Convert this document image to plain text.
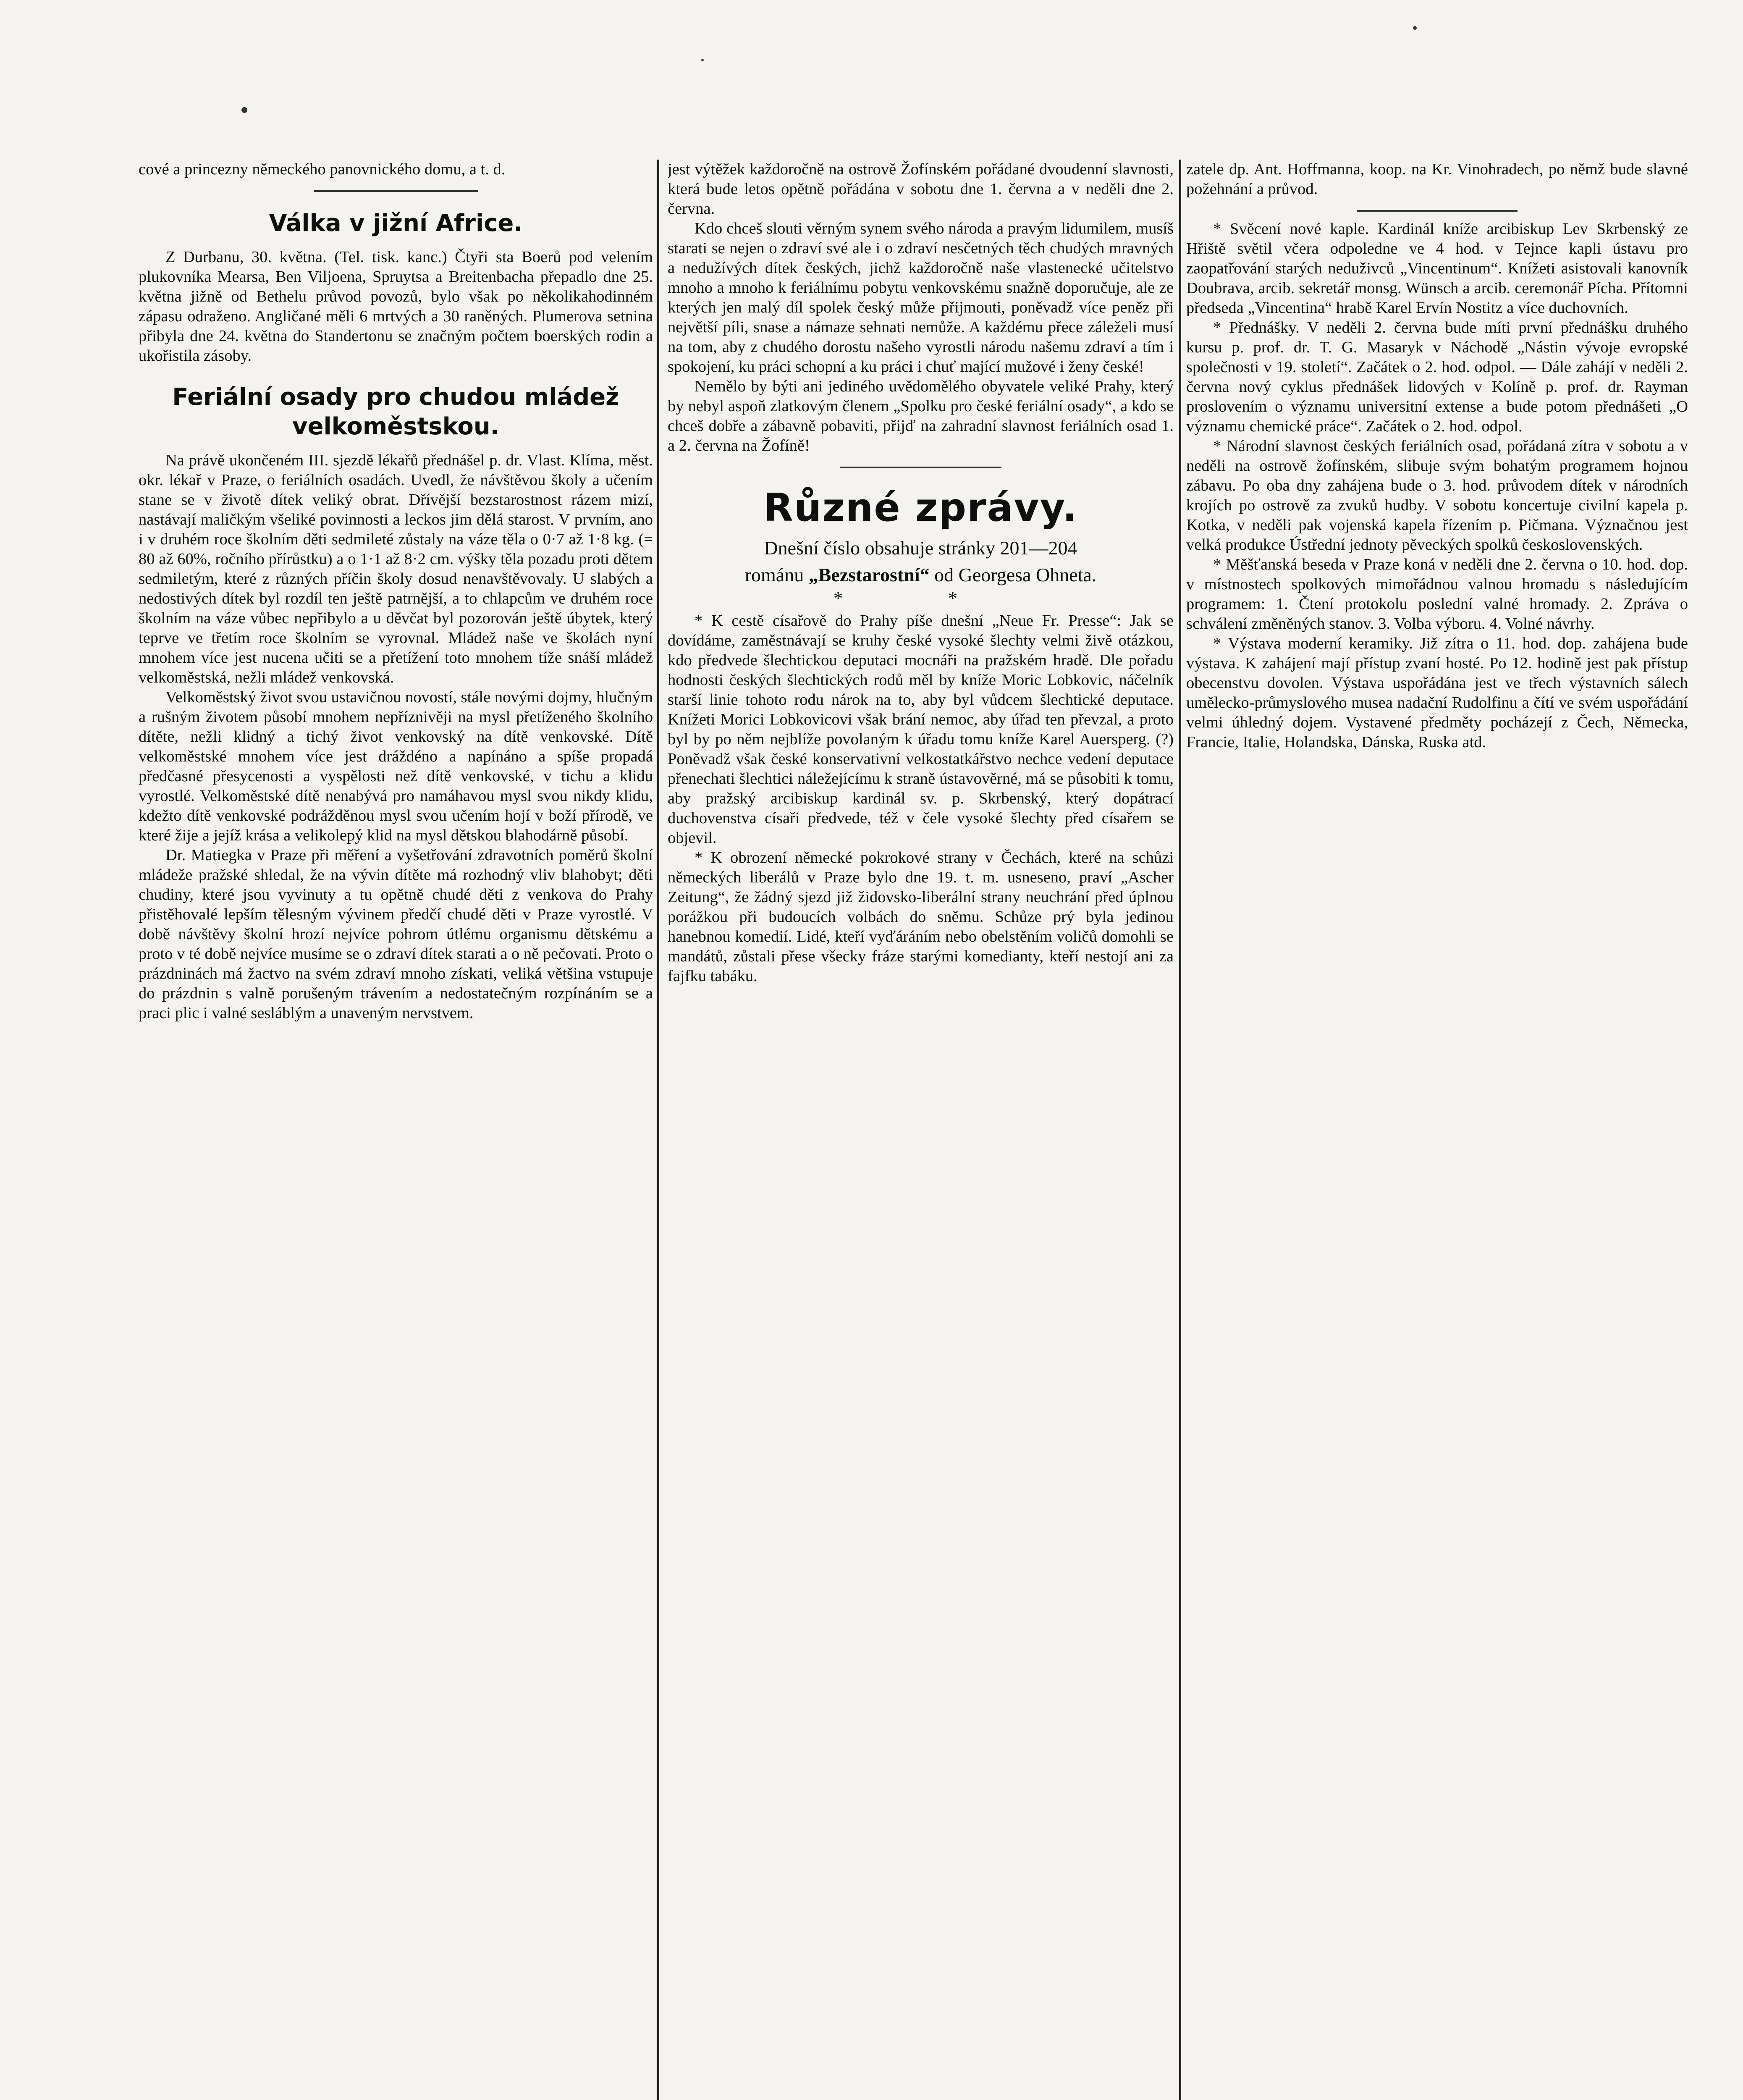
cové a princezny německého panovnického domu, a t. d.

Válka v jižní Africe.

Z Durbanu, 30. května. (Tel. tisk. kanc.) Čtyři sta Boerů pod velením plukovníka Mearsa, Ben Viljoena, Spruytsa a Breitenbacha přepadlo dne 25. května jižně od Bethelu průvod povozů, bylo však po několikahodinném zápasu odraženo. Angličané měli 6 mrtvých a 30 raněných. Plumerova setnina přibyla dne 24. května do Standertonu se značným počtem boerských rodin a ukořistila zásoby.

Feriální osady pro chudou mládež velkoměstskou.

Na právě ukončeném III. sjezdě lékařů přednášel p. dr. Vlast. Klíma, měst. okr. lékař v Praze, o feriálních osadách. Uvedl, že návštěvou školy a učením stane se v životě dítek veliký obrat. Dřívější bezstarostnost rázem mizí, nastávají maličkým všeliké povinnosti a leckos jim dělá starost. V prvním, ano i v druhém roce školním děti sedmileté zůstaly na váze těla o 0·7 až 1·8 kg. (= 80 až 60%, ročního přírůstku) a o 1·1 až 8·2 cm. výšky těla pozadu proti dětem sedmiletým, které z různých příčin školy dosud nenavštěvovaly. U slabých a nedostivých dítek byl rozdíl ten ještě patrnější, a to chlapcům ve druhém roce školním na váze vůbec nepřibylo a u děvčat byl pozorován ještě úbytek, který teprve ve třetím roce školním se vyrovnal. Mládež naše ve školách nyní mnohem více jest nucena učiti se a přetížení toto mnohem tíže snáší mládež velkoměstská, nežli mládež venkovská.

Velkoměstský život svou ustavičnou novostí, stále novými dojmy, hlučným a rušným životem působí mnohem nepříznivěji na mysl přetíženého školního dítěte, nežli klidný a tichý život venkovský na dítě venkovské. Dítě velkoměstské mnohem více jest dráždéno a napínáno a spíše propadá předčasné přesycenosti a vyspělosti než dítě venkovské, v tichu a klidu vyrostlé. Velkoměstské dítě nenabývá pro namáhavou mysl svou nikdy klidu, kdežto dítě venkovské podrážděnou mysl svou učením hojí v boží přírodě, ve které žije a jejíž krása a velikolepý klid na mysl dětskou blahodárně působí.

Dr. Matiegka v Praze při měření a vyšetřování zdravotních poměrů školní mládeže pražské shledal, že na vývin dítěte má rozhodný vliv blahobyt; děti chudiny, které jsou vyvinuty a tu opětně chudé děti z venkova do Prahy přistěhovalé lepším tělesným vývinem předčí chudé děti v Praze vyrostlé. V době návštěvy školní hrozí nejvíce pohrom útlému organismu dětskému a proto v té době nejvíce musíme se o zdraví dítek starati a o ně pečovati. Proto o prázdninách má žactvo na svém zdraví mnoho získati, veliká většina vstupuje do prázdnin s valně porušeným trávením a nedostatečným rozpínáním se a praci plic i valné sesláblým a unaveným nervstvem.

jest výtěžek každoročně na ostrově Žofínském pořádané dvoudenní slavnosti, která bude letos opětně pořádána v sobotu dne 1. června a v neděli dne 2. června.

Kdo chceš slouti věrným synem svého národa a pravým lidumilem, musíš starati se nejen o zdraví své ale i o zdraví nesčetných těch chudých mravných a nedužívých dítek českých, jichž každoročně naše vlastenecké učitelstvo mnoho a mnoho k feriálnímu pobytu venkovskému snažně doporučuje, ale ze kterých jen malý díl spolek český může přijmouti, poněvadž více peněz při největší píli, snase a námaze sehnati nemůže. A každému přece záleželi musí na tom, aby z chudého dorostu našeho vyrostli národu našemu zdraví a tím i spokojení, ku práci schopní a ku práci i chuť mající mužové i ženy české!

Nemělo by býti ani jediného uvědomělého obyvatele veliké Prahy, který by nebyl aspoň zlatkovým členem „Spolku pro české feriální osady“, a kdo se chceš dobře a zábavně pobaviti, přijď na zahradní slavnost feriálních osad 1. a 2. června na Žofíně!

Různé zprávy.
Dnešní číslo obsahuje stránky 201—204
románu „Bezstarostní“ od Georgesa Ohneta.
* *

* K cestě císařově do Prahy píše dnešní „Neue Fr. Presse“: Jak se dovídáme, zaměstnávají se kruhy české vysoké šlechty velmi živě otázkou, kdo předvede šlechtickou deputaci mocnáři na pražském hradě. Dle pořadu hodnosti českých šlechtických rodů měl by kníže Moric Lobkovic, náčelník starší linie tohoto rodu nárok na to, aby byl vůdcem šlechtické deputace. Knížeti Morici Lobkovicovi však brání nemoc, aby úřad ten převzal, a proto byl by po něm nejblíže povolaným k úřadu tomu kníže Karel Auersperg. (?) Poněvadž však české konservativní velkostatkářstvo nechce vedení deputace přenechati šlechtici náležejícímu k straně ústavověrné, má se působiti k tomu, aby pražský arcibiskup kardinál sv. p. Skrbenský, který dopátrací duchovenstva císaři předvede, též v čele vysoké šlechty před císařem se objevil.

* K obrození německé pokrokové strany v Čechách, které na schůzi německých liberálů v Praze bylo dne 19. t. m. usneseno, praví „Ascher Zeitung“, že žádný sjezd již židovsko-liberální strany neuchrání před úplnou porážkou při budoucích volbách do sněmu. Schůze prý byla jedinou hanebnou komedií. Lidé, kteří vyďáráním nebo obelstěním voličů domohli se mandátů, zůstali přese všecky fráze starými komedianty, kteří nestojí ani za fajfku tabáku.

zatele dp. Ant. Hoffmanna, koop. na Kr. Vinohradech, po němž bude slavné požehnání a průvod.

* Svěcení nové kaple. Kardinál kníže arcibiskup Lev Skrbenský ze Hřiště světil včera odpoledne ve 4 hod. v Tejnce kapli ústavu pro zaopatřování starých neduživců „Vincentinum“. Knížeti asistovali kanovník Doubrava, arcib. sekretář monsg. Wünsch a arcib. ceremonář Pícha. Přítomni předseda „Vincentina“ hrabě Karel Ervín Nostitz a více duchovních.

* Přednášky. V neděli 2. června bude míti první přednášku druhého kursu p. prof. dr. T. G. Masaryk v Náchodě „Nástin vývoje evropské společnosti v 19. století“. Začátek o 2. hod. odpol. — Dále zahájí v neděli 2. června nový cyklus přednášek lidových v Kolíně p. prof. dr. Rayman proslovením o významu universitní extense a bude potom přednášeti „O významu chemické práce“. Začátek o 2. hod. odpol.

* Národní slavnost českých feriálních osad, pořádaná zítra v sobotu a v neděli na ostrově žofínském, slibuje svým bohatým programem hojnou zábavu. Po oba dny zahájena bude o 3. hod. průvodem dítek v národních krojích po ostrově za zvuků hudby. V sobotu koncertuje civilní kapela p. Kotka, v neděli pak vojenská kapela řízením p. Pičmana. Význačnou jest velká produkce Ústřední jednoty pěveckých spolků československých.

* Měšťanská beseda v Praze koná v neděli dne 2. června o 10. hod. dop. v místnostech spolkových mimořádnou valnou hromadu s následujícím programem: 1. Čtení protokolu poslední valné hromady. 2. Zpráva o schválení změněných stanov. 3. Volba výboru. 4. Volné návrhy.

* Výstava moderní keramiky. Již zítra o 11. hod. dop. zahájena bude výstava. K zahájení mají přístup zvaní hosté. Po 12. hodině jest pak přístup obecenstvu dovolen. Výstava uspořádána jest ve třech výstavních sálech umělecko-průmyslového musea nadační Rudolfinu a čítí ve svém uspořádání velmi úhledný dojem. Vystavené předměty pocházejí z Čech, Německa, Francie, Italie, Holandska, Dánska, Ruska atd.
